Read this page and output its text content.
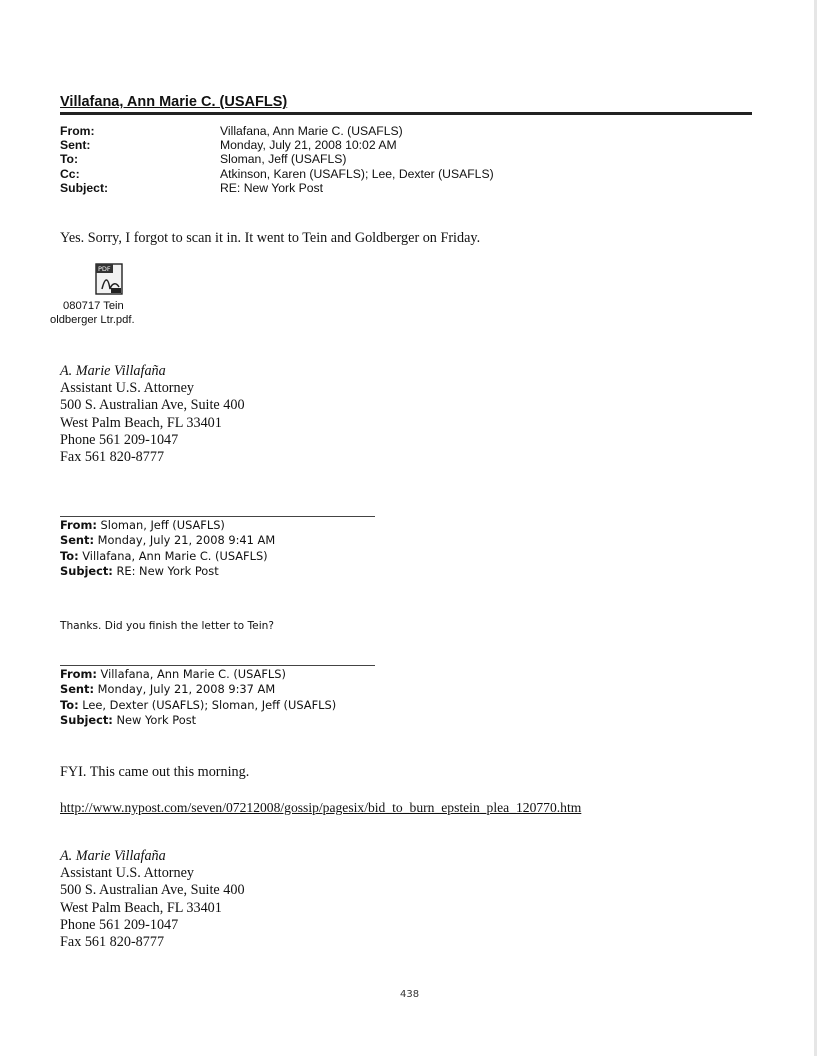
Villafana, Ann Marie C. (USAFLS)
From:	Villafana, Ann Marie C. (USAFLS)
Sent:	Monday, July 21, 2008 10:02 AM
To:	Sloman, Jeff (USAFLS)
Cc:	Atkinson, Karen (USAFLS); Lee, Dexter (USAFLS)
Subject:	RE: New York Post
Yes. Sorry, I forgot to scan it in. It went to Tein and Goldberger on Friday.
PDF
080717 Tein
oldberger Ltr.pdf.
A. Marie Villafaña
Assistant U.S. Attorney
500 S. Australian Ave, Suite 400
West Palm Beach, FL 33401
Phone 561 209-1047
Fax 561 820-8777
From: Sloman, Jeff (USAFLS)
Sent: Monday, July 21, 2008 9:41 AM
To: Villafana, Ann Marie C. (USAFLS)
Subject: RE: New York Post
Thanks. Did you finish the letter to Tein?
From: Villafana, Ann Marie C. (USAFLS)
Sent: Monday, July 21, 2008 9:37 AM
To: Lee, Dexter (USAFLS); Sloman, Jeff (USAFLS)
Subject: New York Post
FYI. This came out this morning.
http://www.nypost.com/seven/07212008/gossip/pagesix/bid_to_burn_epstein_plea_120770.htm
A. Marie Villafaña
Assistant U.S. Attorney
500 S. Australian Ave, Suite 400
West Palm Beach, FL 33401
Phone 561 209-1047
Fax 561 820-8777
438
